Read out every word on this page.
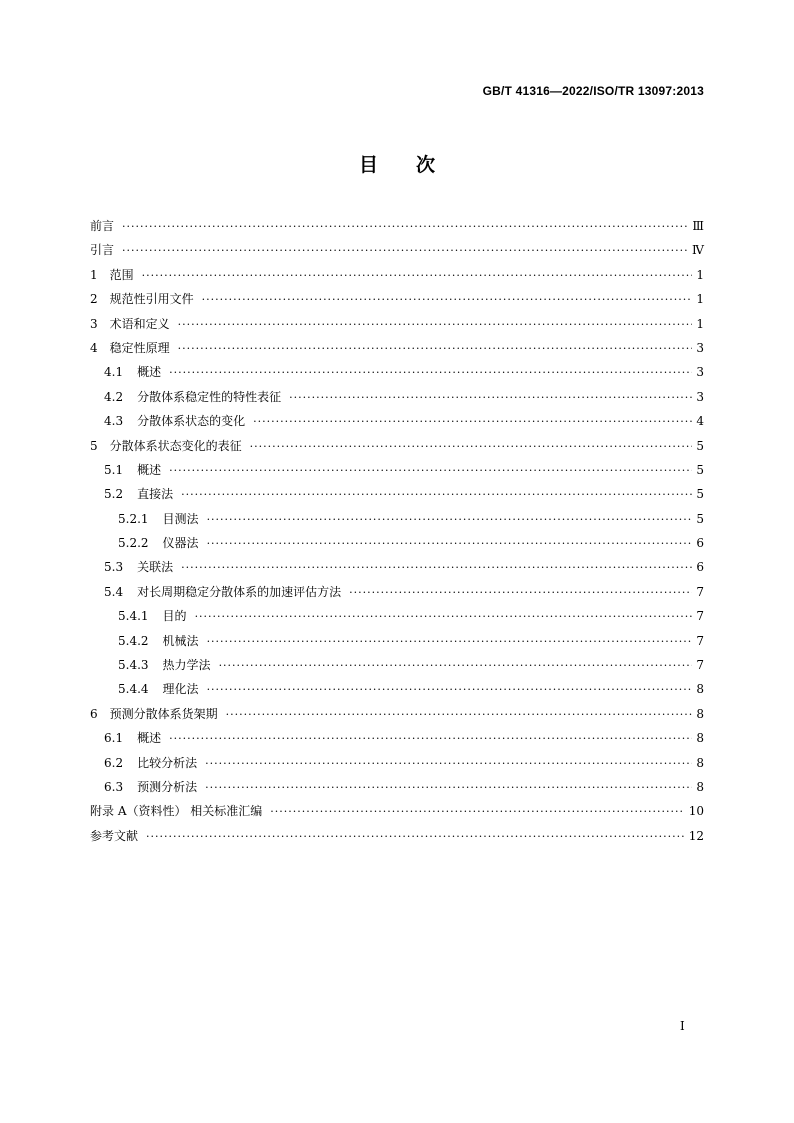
GB/T 41316—2022/ISO/TR 13097:2013
目次
前言 ·····	Ⅲ
引言 ·····	Ⅳ
1 范围 ·····	1
2 规范性引用文件 ·····	1
3 术语和定义 ·····	1
4 稳定性原理 ·····	3
4.1 概述 ·····	3
4.2 分散体系稳定性的特性表征 ·····	3
4.3 分散体系状态的变化 ·····	4
5 分散体系状态变化的表征 ·····	5
5.1 概述 ·····	5
5.2 直接法 ·····	5
5.2.1 目测法 ·····	5
5.2.2 仪器法 ·····	6
5.3 关联法 ·····	6
5.4 对长周期稳定分散体系的加速评估方法 ·····	7
5.4.1 目的 ·····	7
5.4.2 机械法 ·····	7
5.4.3 热力学法 ·····	7
5.4.4 理化法 ·····	8
6 预测分散体系货架期 ·····	8
6.1 概述 ·····	8
6.2 比较分析法 ·····	8
6.3 预测分析法 ·····	8
附录 A（资料性） 相关标准汇编 ·····	10
参考文献 ·····	12
I
